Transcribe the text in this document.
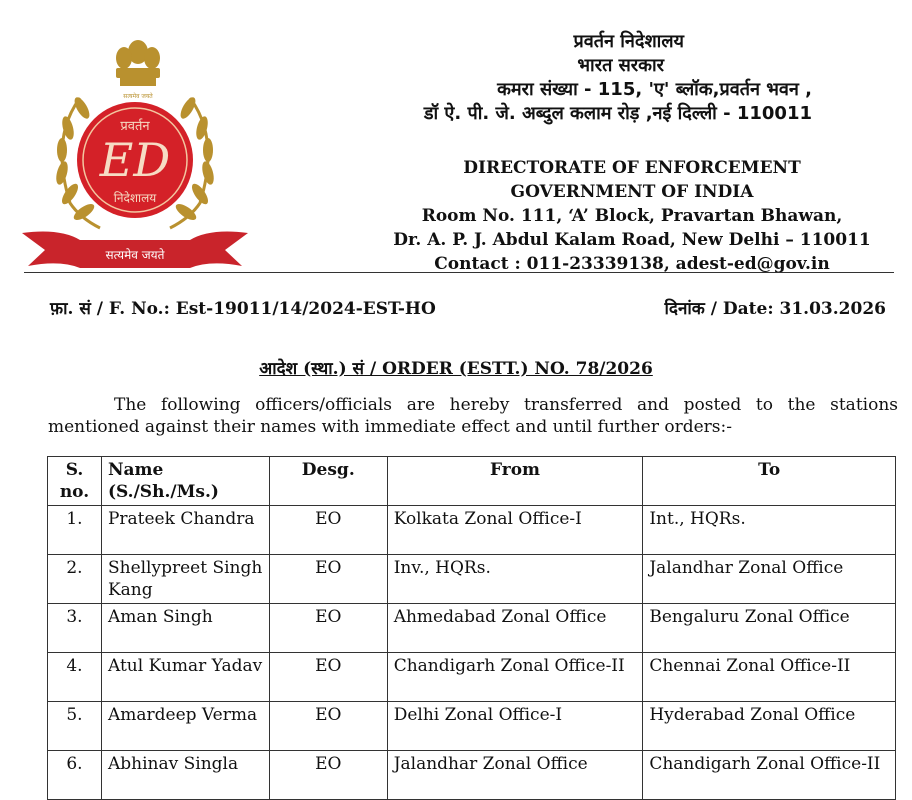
प्रवर्तन
ED
निदेशालय
सत्यमेव जयते
सत्यमेव जयते
प्रवर्तन निदेशालय
भारत सरकार
कमरा संख्या - 115, 'ए' ब्लॉक,प्रवर्तन भवन ,
डॉ ऐ. पी. जे. अब्दुल कलाम रोड़ ,नई दिल्ली - 110011
DIRECTORATE OF ENFORCEMENT
GOVERNMENT OF INDIA
Room No. 111, ‘A’ Block, Pravartan Bhawan,
Dr. A. P. J. Abdul Kalam Road, New Delhi – 110011
Contact : 011-23339138, adest-ed@gov.in
फ़ा. सं / F. No.: Est-19011/14/2024-EST-HO	दिनांक / Date: 31.03.2026
आदेश (स्था.) सं / ORDER (ESTT.) NO. 78/2026
The following officers/officials are hereby transferred and posted to the stations mentioned against their names with immediate effect and until further orders:-
S. no.	Name (S./Sh./Ms.)	Desg.	From	To
1.	Prateek Chandra	EO	Kolkata Zonal Office-I	Int., HQRs.
2.	Shellypreet Singh Kang	EO	Inv., HQRs.	Jalandhar Zonal Office
3.	Aman Singh	EO	Ahmedabad Zonal Office	Bengaluru Zonal Office
4.	Atul Kumar Yadav	EO	Chandigarh Zonal Office-II	Chennai Zonal Office-II
5.	Amardeep Verma	EO	Delhi Zonal Office-I	Hyderabad Zonal Office
6.	Abhinav Singla	EO	Jalandhar Zonal Office	Chandigarh Zonal Office-II
